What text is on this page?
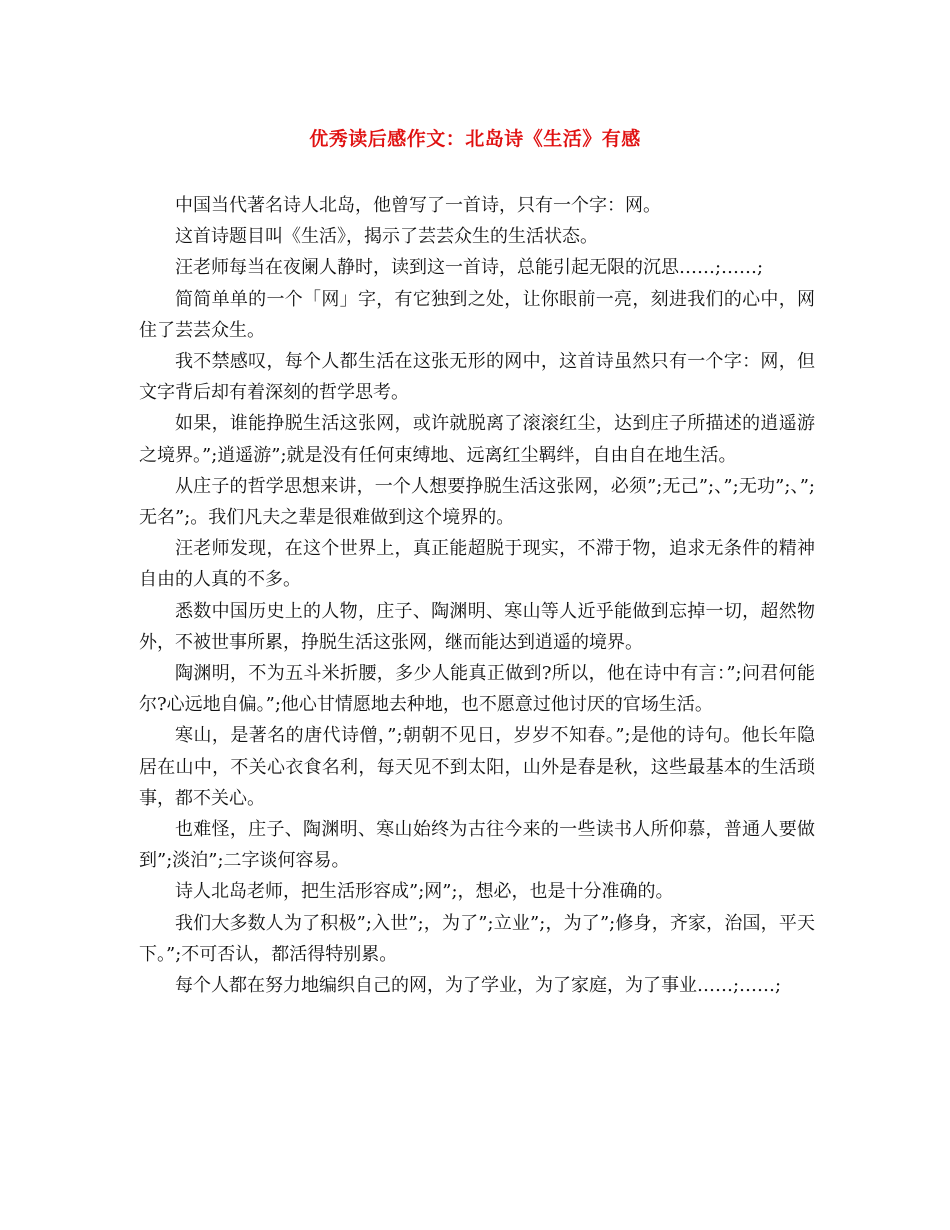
优秀读后感作文：北岛诗《生活》有感

中国当代著名诗人北岛，他曾写了一首诗，只有一个字：网。

这首诗题目叫《生活》，揭示了芸芸众生的生活状态。

汪老师每当在夜阑人静时，读到这一首诗，总能引起无限的沉思……;……;

简简单单的一个「网」字，有它独到之处，让你眼前一亮，刻进我们的心中，网住了芸芸众生。

我不禁感叹，每个人都生活在这张无形的网中，这首诗虽然只有一个字：网，但文字背后却有着深刻的哲学思考。

如果，谁能挣脱生活这张网，或许就脱离了滚滚红尘，达到庄子所描述的逍遥游之境界。”;逍遥游”;就是没有任何束缚地、远离红尘羁绊，自由自在地生活。

从庄子的哲学思想来讲，一个人想要挣脱生活这张网，必须”;无己”;、”;无功”;、”;无名”;。我们凡夫之辈是很难做到这个境界的。

汪老师发现，在这个世界上，真正能超脱于现实，不滞于物，追求无条件的精神自由的人真的不多。

悉数中国历史上的人物，庄子、陶渊明、寒山等人近乎能做到忘掉一切，超然物外，不被世事所累，挣脱生活这张网，继而能达到逍遥的境界。

陶渊明，不为五斗米折腰，多少人能真正做到?所以，他在诗中有言：”;问君何能尔?心远地自偏。”;他心甘情愿地去种地，也不愿意过他讨厌的官场生活。

寒山，是著名的唐代诗僧，”;朝朝不见日，岁岁不知春。”;是他的诗句。他长年隐居在山中，不关心衣食名利，每天见不到太阳，山外是春是秋，这些最基本的生活琐事，都不关心。

也难怪，庄子、陶渊明、寒山始终为古往今来的一些读书人所仰慕，普通人要做到”;淡泊”;二字谈何容易。

诗人北岛老师，把生活形容成”;网”;，想必，也是十分准确的。

我们大多数人为了积极”;入世”;，为了”;立业”;，为了”;修身，齐家，治国，平天下。”;不可否认，都活得特别累。

每个人都在努力地编织自己的网，为了学业，为了家庭，为了事业……;……;
